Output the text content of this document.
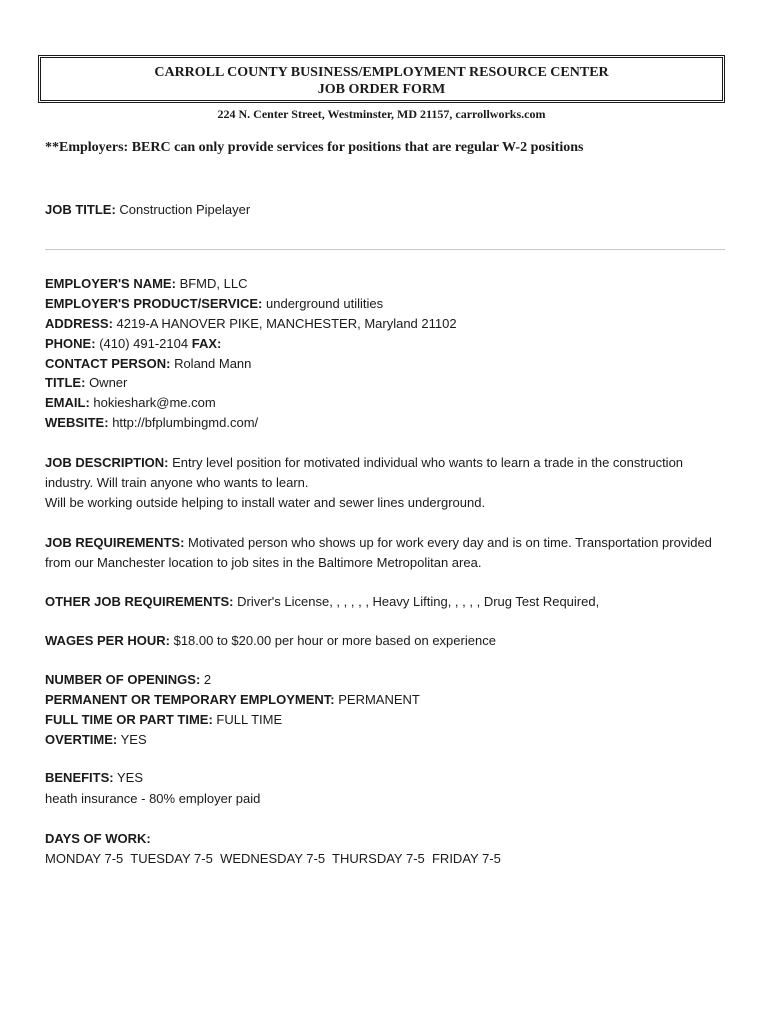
CARROLL COUNTY BUSINESS/EMPLOYMENT RESOURCE CENTER
JOB ORDER FORM
224 N. Center Street, Westminster, MD 21157, carrollworks.com
**Employers: BERC can only provide services for positions that are regular W-2 positions
JOB TITLE: Construction Pipelayer
EMPLOYER'S NAME: BFMD, LLC
EMPLOYER'S PRODUCT/SERVICE: underground utilities
ADDRESS: 4219-A HANOVER PIKE, MANCHESTER, Maryland 21102
PHONE: (410) 491-2104 FAX:
CONTACT PERSON: Roland Mann
TITLE: Owner
EMAIL: hokieshark@me.com
WEBSITE: http://bfplumbingmd.com/
JOB DESCRIPTION: Entry level position for motivated individual who wants to learn a trade in the construction industry. Will train anyone who wants to learn.
Will be working outside helping to install water and sewer lines underground.
JOB REQUIREMENTS: Motivated person who shows up for work every day and is on time. Transportation provided from our Manchester location to job sites in the Baltimore Metropolitan area.
OTHER JOB REQUIREMENTS: Driver's License, , , , , , Heavy Lifting, , , , , Drug Test Required,
WAGES PER HOUR: $18.00 to $20.00 per hour or more based on experience
NUMBER OF OPENINGS: 2
PERMANENT OR TEMPORARY EMPLOYMENT: PERMANENT
FULL TIME OR PART TIME: FULL TIME
OVERTIME: YES
BENEFITS: YES
heath insurance - 80% employer paid
DAYS OF WORK:
MONDAY 7-5  TUESDAY 7-5  WEDNESDAY 7-5  THURSDAY 7-5  FRIDAY 7-5
